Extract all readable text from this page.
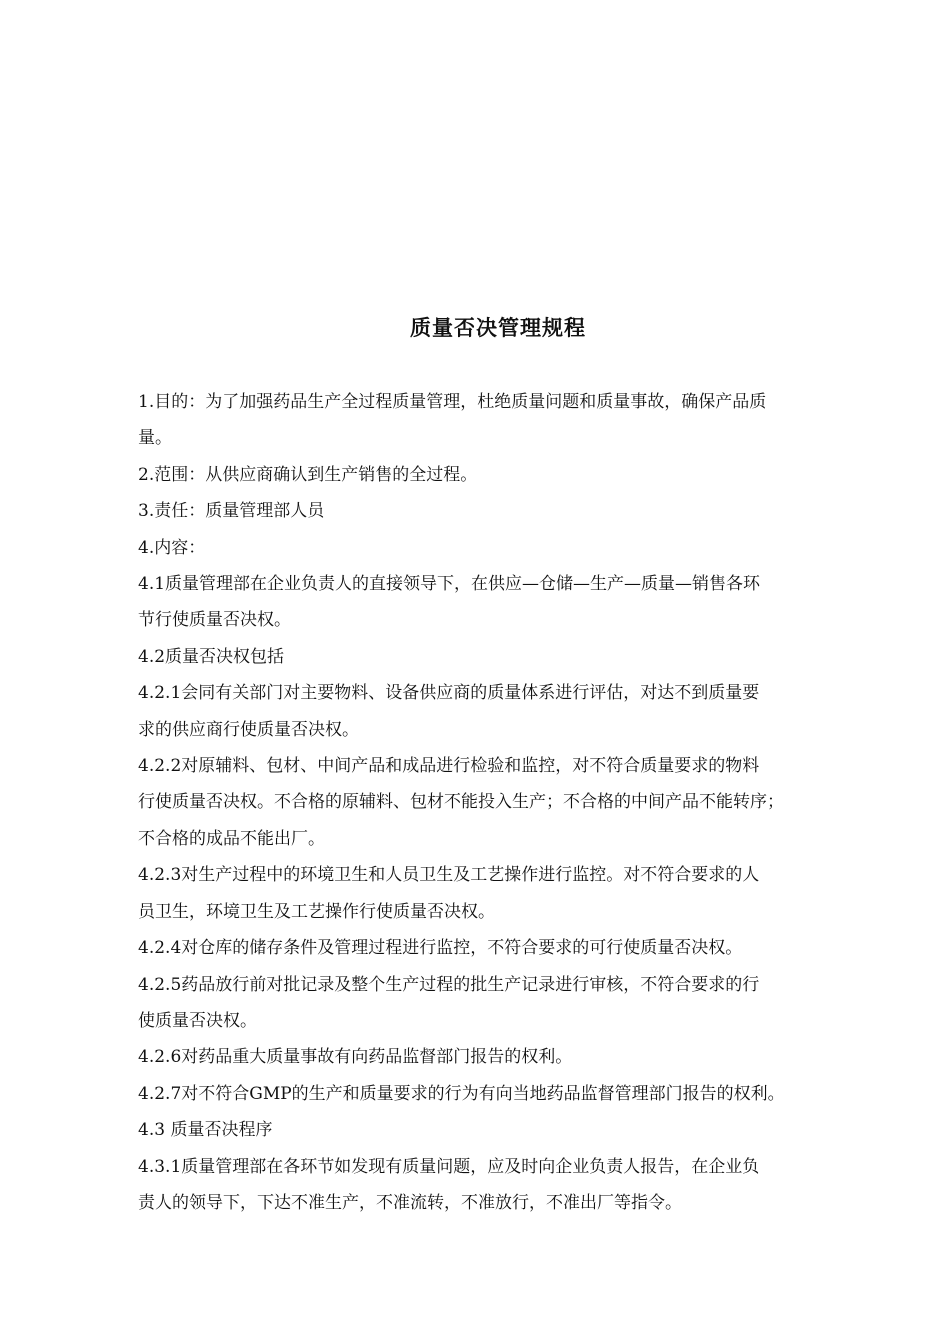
质量否决管理规程

1.目的：为了加强药品生产全过程质量管理，杜绝质量问题和质量事故，确保产品质

量。

2.范围：从供应商确认到生产销售的全过程。

3.责任：质量管理部人员

4.内容：

4.1质量管理部在企业负责人的直接领导下，在供应—仓储—生产—质量—销售各环

节行使质量否决权。

4.2质量否决权包括

4.2.1会同有关部门对主要物料、设备供应商的质量体系进行评估，对达不到质量要

求的供应商行使质量否决权。

4.2.2对原辅料、包材、中间产品和成品进行检验和监控，对不符合质量要求的物料

行使质量否决权。不合格的原辅料、包材不能投入生产；不合格的中间产品不能转序；

不合格的成品不能出厂。

4.2.3对生产过程中的环境卫生和人员卫生及工艺操作进行监控。对不符合要求的人

员卫生，环境卫生及工艺操作行使质量否决权。

4.2.4对仓库的储存条件及管理过程进行监控，不符合要求的可行使质量否决权。

4.2.5药品放行前对批记录及整个生产过程的批生产记录进行审核，不符合要求的行

使质量否决权。

4.2.6对药品重大质量事故有向药品监督部门报告的权利。

4.2.7对不符合GMP的生产和质量要求的行为有向当地药品监督管理部门报告的权利。

4.3 质量否决程序

4.3.1质量管理部在各环节如发现有质量问题，应及时向企业负责人报告，在企业负

责人的领导下，下达不准生产，不准流转，不准放行，不准出厂等指令。
